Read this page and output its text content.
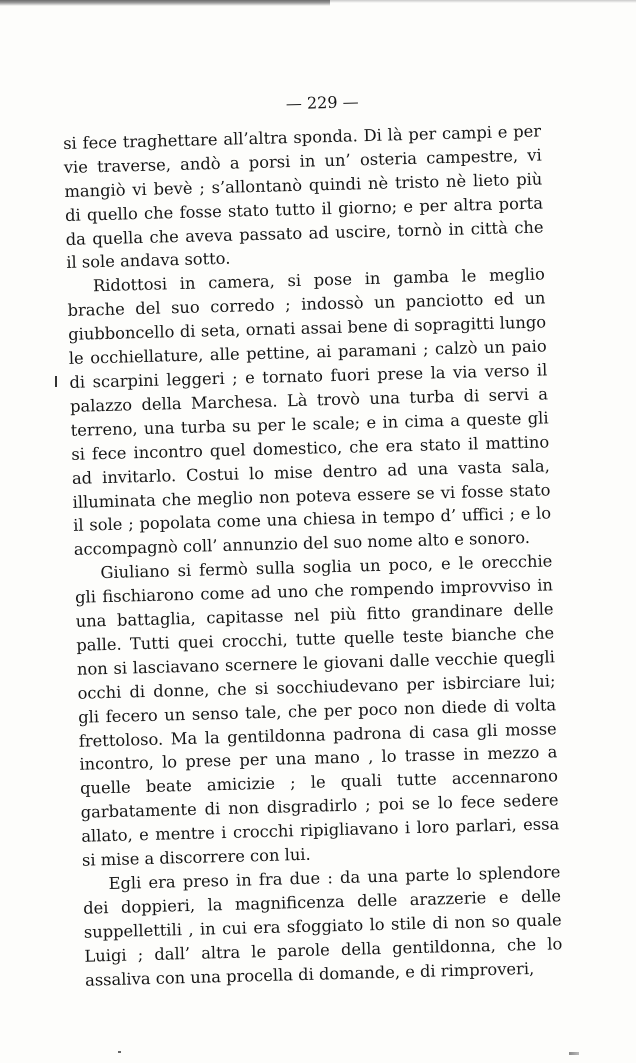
— 229 —

si fece traghettare all’altra sponda. Di là per campi e per vie traverse, andò a porsi in un’ osteria campestre, vi mangiò vi bevè ; s’allontanò quindi nè tristo nè lieto più di quello che fosse stato tutto il giorno; e per altra porta da quella che aveva passato ad uscire, tornò in città che il sole andava sotto.

Ridottosi in camera, si pose in gamba le meglio brache del suo corredo ; indossò un panciotto ed un giubboncello di seta, ornati assai bene di sopragitti lungo le occhiellature, alle pettine, ai paramani ; calzò un paio di scarpini leggeri ; e tornato fuori prese la via verso il palazzo della Marchesa. Là trovò una turba di servi a terreno, una turba su per le scale; e in cima a queste gli si fece incontro quel domestico, che era stato il mattino ad invitarlo. Costui lo mise dentro ad una vasta sala, illuminata che meglio non poteva essere se vi fosse stato il sole ; popolata come una chiesa in tempo d’ uffici ; e lo accompagnò coll’ annunzio del suo nome alto e sonoro.

Giuliano si fermò sulla soglia un poco, e le orecchie gli fischiarono come ad uno che rompendo improvviso in una battaglia, capitasse nel più fitto grandinare delle palle. Tutti quei crocchi, tutte quelle teste bianche che non si lasciavano scernere le giovani dalle vecchie quegli occhi di donne, che si socchiudevano per isbirciare lui; gli fecero un senso tale, che per poco non diede di volta frettoloso. Ma la gentildonna padrona di casa gli mosse incontro, lo prese per una mano , lo trasse in mezzo a quelle beate amicizie ; le quali tutte accennarono garbatamente di non disgradirlo ; poi se lo fece sedere allato, e mentre i crocchi ripigliavano i loro parlari, essa si mise a discorrere con lui.

Egli era preso in fra due : da una parte lo splendore dei doppieri, la magnificenza delle arazzerie e delle suppellettili , in cui era sfoggiato lo stile di non so quale Luigi ; dall’ altra le parole della gentildonna, che lo assaliva con una procella di domande, e di rimproveri,
